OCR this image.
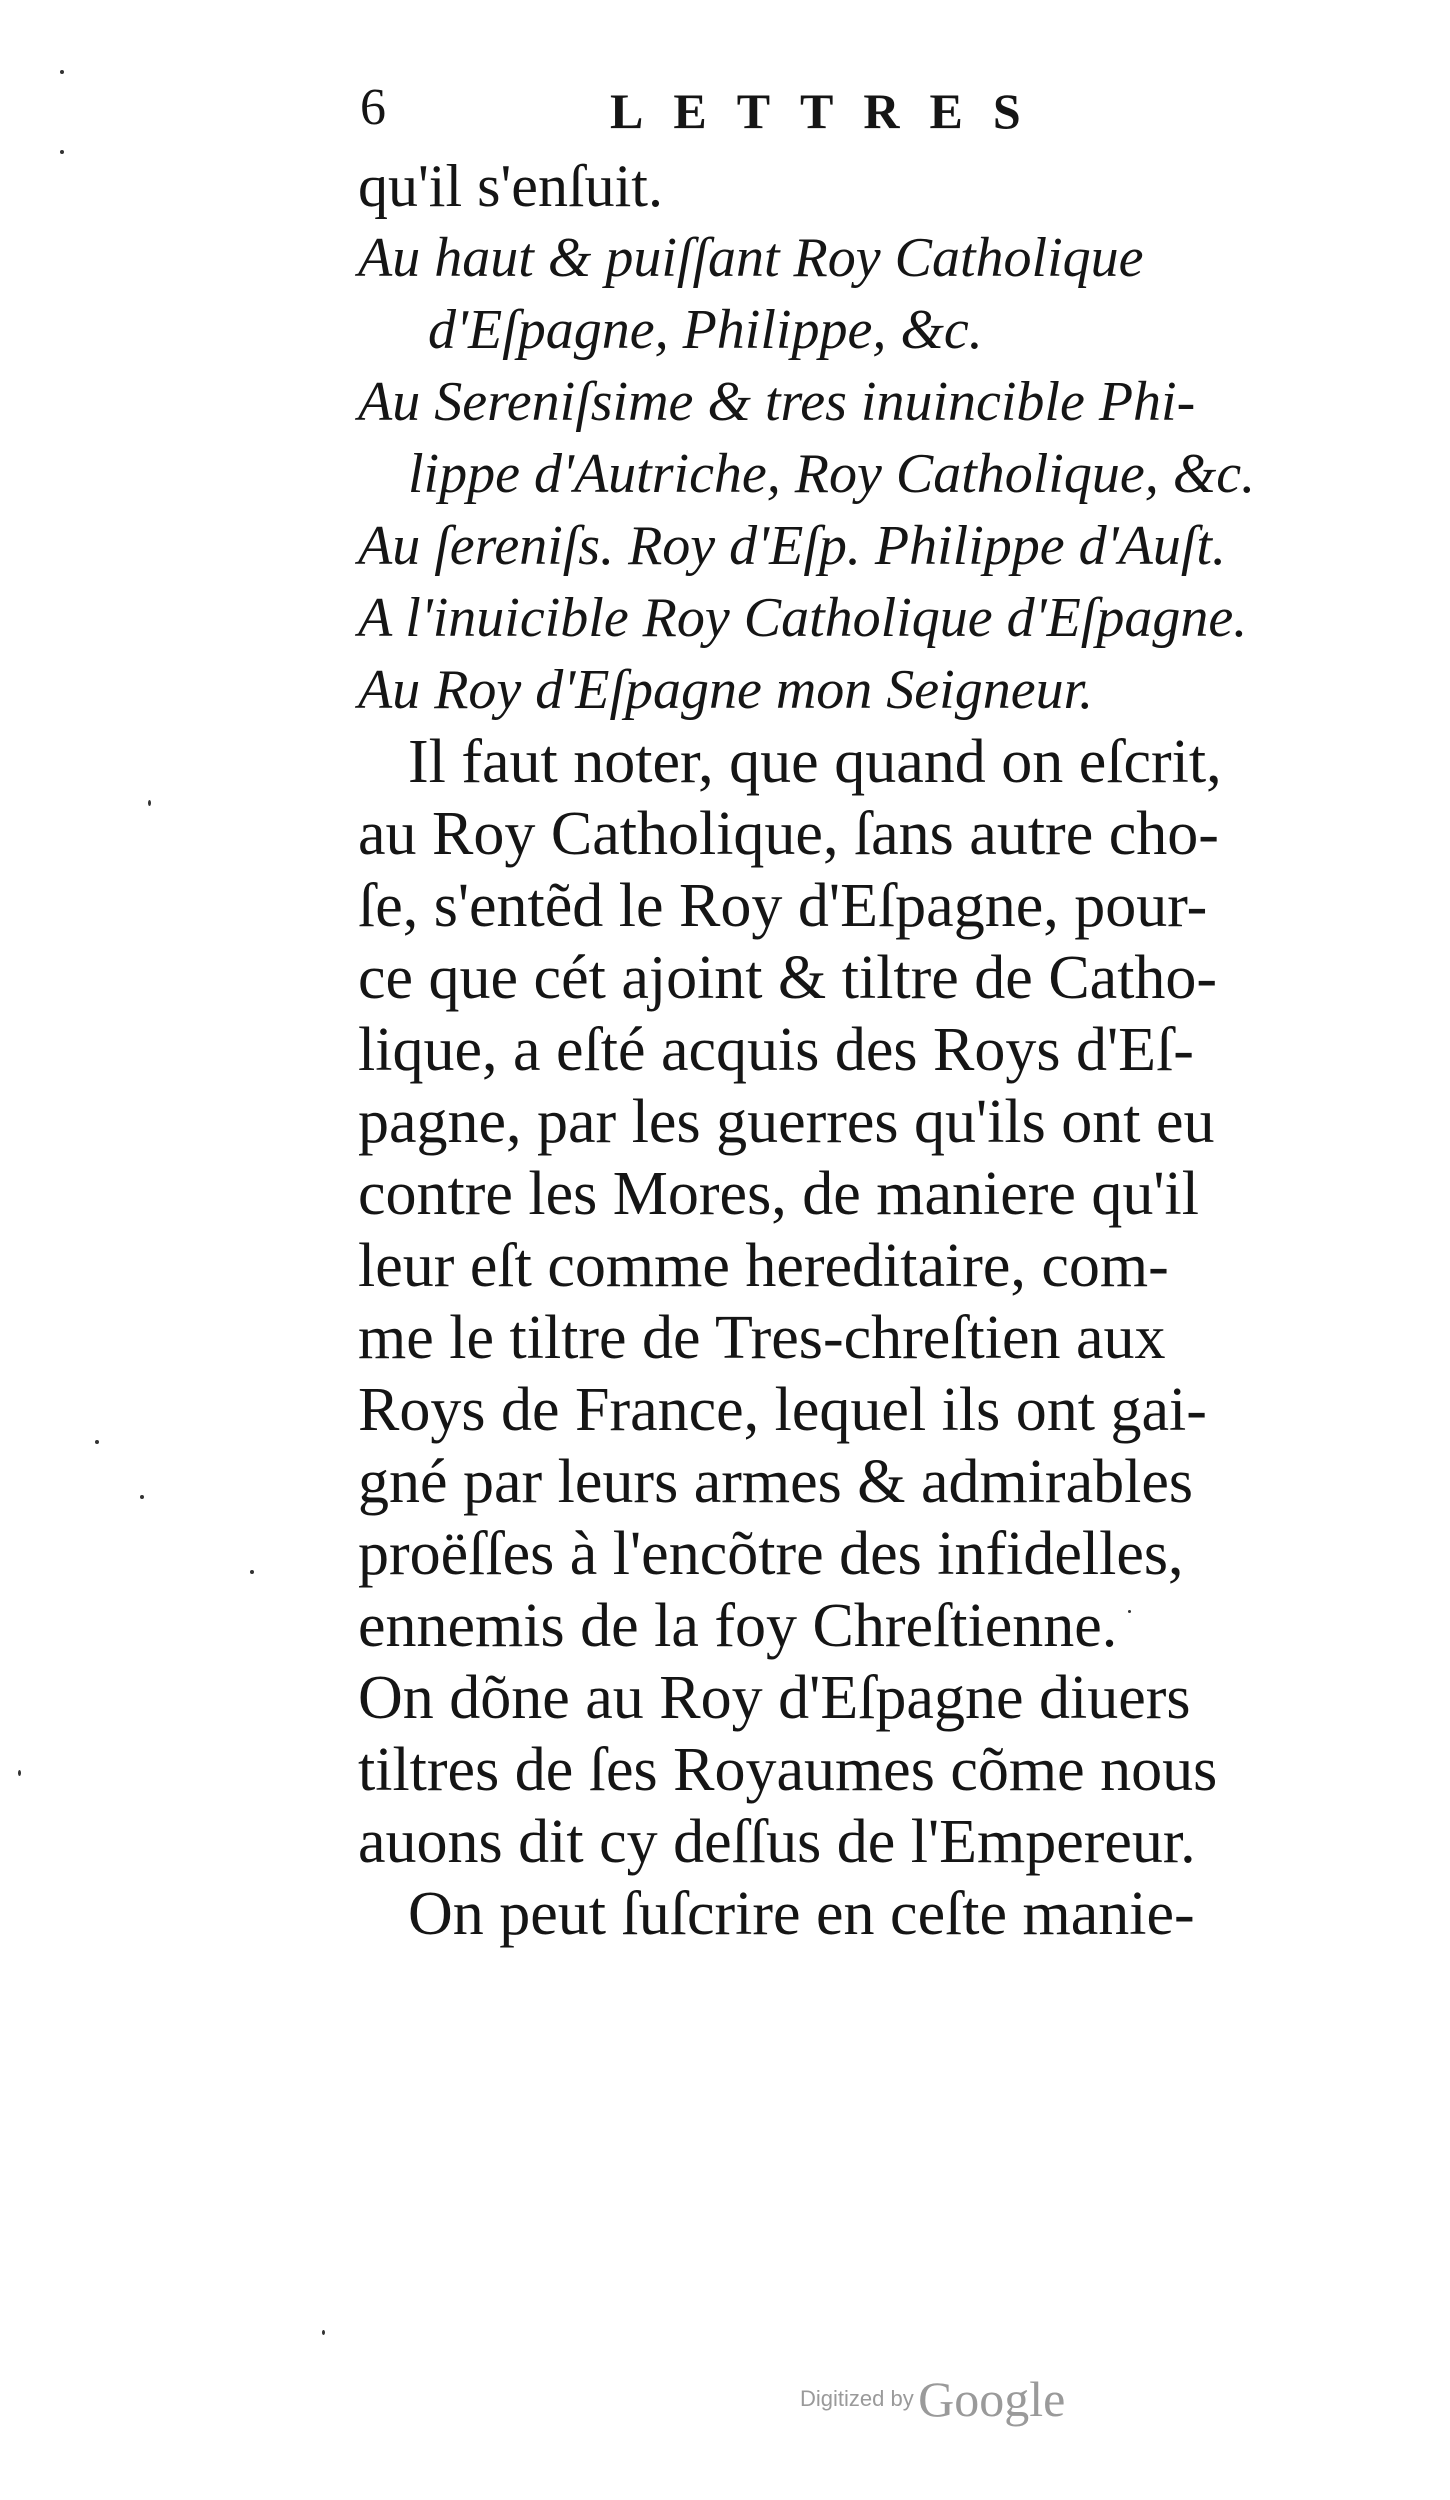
6	LETTRES
qu'il s'enſuit.
Au haut & puiſſant Roy Catholique
d'Eſpagne, Philippe, &c.
Au Sereniſsime & tres inuincible Phi-
lippe d'Autriche, Roy Catholique, &c.
Au ſereniſs. Roy d'Eſp. Philippe d'Auſt.
A l'inuicible Roy Catholique d'Eſpagne.
Au Roy d'Eſpagne mon Seigneur.
Il faut noter, que quand on eſcrit,
au Roy Catholique, ſans autre cho-
ſe, s'entẽd le Roy d'Eſpagne, pour-
ce que cét ajoint & tiltre de Catho-
lique, a eſté acquis des Roys d'Eſ-
pagne, par les guerres qu'ils ont eu
contre les Mores, de maniere qu'il
leur eſt comme hereditaire, com-
me le tiltre de Tres-chreſtien aux
Roys de France, lequel ils ont gai-
gné par leurs armes & admirables
proëſſes à l'encõtre des infidelles,
ennemis de la foy Chreſtienne.
On dõne au Roy d'Eſpagne diuers
tiltres de ſes Royaumes cõme nous
auons dit cy deſſus de l'Empereur.
On peut ſuſcrire en ceſte manie-
Digitized by Google
